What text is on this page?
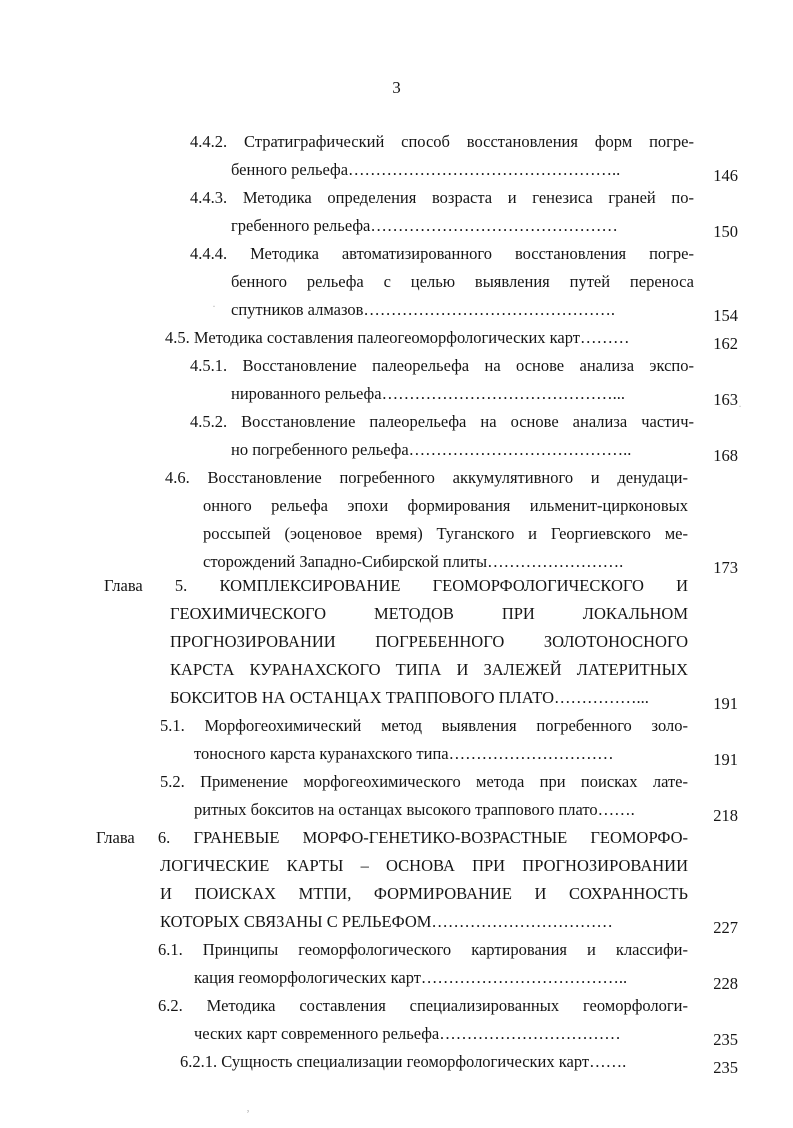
3
4.4.2. Стратиграфический способ восстановления форм погре-
бенного рельефа…………………………………………..	146
4.4.3. Методика определения возраста и генезиса граней по-
гребенного рельефа………………………………………	150
4.4.4. Методика автоматизированного восстановления погре-
бенного рельефа с целью выявления путей переноса
спутников алмазов……………………………………….	154
4.5. Методика составления палеогеоморфологических карт………	162
4.5.1. Восстановление палеорельефа на основе анализа экспо-
нированного рельефа……………………………………...	163
4.5.2. Восстановление палеорельефа на основе анализа частич-
но погребенного рельефа…………………………………..	168
4.6. Восстановление погребенного аккумулятивного и денудаци-
онного рельефа эпохи формирования ильменит-цирконовых
россыпей (эоценовое время) Туганского и Георгиевского ме-
сторождений Западно-Сибирской плиты…………………….	173
Глава 5. КОМПЛЕКСИРОВАНИЕ ГЕОМОРФОЛОГИЧЕСКОГО И
ГЕОХИМИЧЕСКОГО МЕТОДОВ ПРИ ЛОКАЛЬНОМ
ПРОГНОЗИРОВАНИИ ПОГРЕБЕННОГО ЗОЛОТОНОСНОГО
КАРСТА КУРАНАХСКОГО ТИПА И ЗАЛЕЖЕЙ ЛАТЕРИТНЫХ
БОКСИТОВ НА ОСТАНЦАХ ТРАППОВОГО ПЛАТО……………...	191
5.1. Морфогеохимический метод выявления погребенного золо-
тоносного карста куранахского типа…………………………	191
5.2. Применение морфогеохимического метода при поисках лате-
ритных бокситов на останцах высокого траппового плато…….	218
Глава 6. ГРАНЕВЫЕ МОРФО-ГЕНЕТИКО-ВОЗРАСТНЫЕ ГЕОМОРФО-
ЛОГИЧЕСКИЕ КАРТЫ – ОСНОВА ПРИ ПРОГНОЗИРОВАНИИ
И ПОИСКАХ МТПИ, ФОРМИРОВАНИЕ И СОХРАННОСТЬ
КОТОРЫХ СВЯЗАНЫ С РЕЛЬЕФОМ……………………………	227
6.1. Принципы геоморфологического картирования и классифи-
кация геоморфологических карт………………………………..	228
6.2. Методика составления специализированных геоморфологи-
ческих карт современного рельефа……………………………	235
6.2.1. Сущность специализации геоморфологических карт…….	235
·
·
ʼ
